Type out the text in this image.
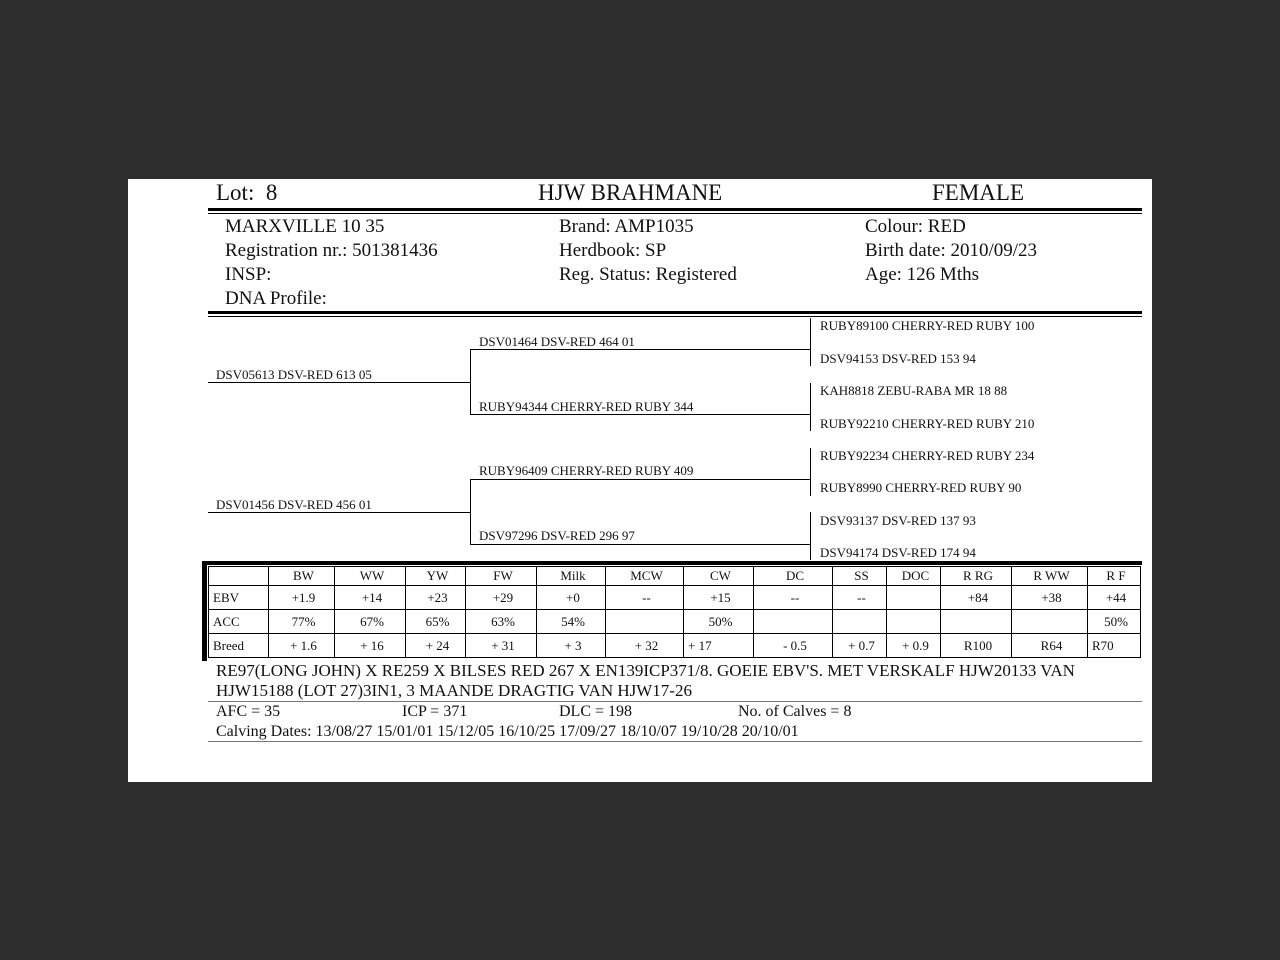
Lot: 8	HJW BRAHMANE	FEMALE
MARXVILLE 10 35
Registration nr.: 501381436
INSP:
DNA Profile:
Brand: AMP1035
Herdbook: SP
Reg. Status: Registered
Colour: RED
Birth date: 2010/09/23
Age: 126 Mths
DSV05613 DSV-RED 613 05
DSV01456 DSV-RED 456 01
DSV01464 DSV-RED 464 01
RUBY94344 CHERRY-RED RUBY 344
RUBY96409 CHERRY-RED RUBY 409
DSV97296 DSV-RED 296 97
RUBY89100 CHERRY-RED RUBY 100
DSV94153 DSV-RED 153 94
KAH8818 ZEBU-RABA MR 18 88
RUBY92210 CHERRY-RED RUBY 210
RUBY92234 CHERRY-RED RUBY 234
RUBY8990 CHERRY-RED RUBY 90
DSV93137 DSV-RED 137 93
DSV94174 DSV-RED 174 94
	BW	WW	YW	FW	Milk	MCW	CW	DC	SS	DOC	R RG	R WW	R F
EBV	+1.9	+14	+23	+29	+0	--	+15	--	--		+84	+38	+44
ACC	77%	67%	65%	63%	54%		50%						50%
Breed	+ 1.6	+ 16	+ 24	+ 31	+ 3	+ 32	+ 17	- 0.5	+ 0.7	+ 0.9	R100	R64	R70
RE97(LONG JOHN) X RE259 X BILSES RED 267 X EN139ICP371/8. GOEIE EBV'S. MET VERSKALF HJW20133 VAN
HJW15188 (LOT 27)3IN1, 3 MAANDE DRAGTIG VAN HJW17-26
AFC = 35	ICP = 371	DLC = 198	No. of Calves = 8
Calving Dates: 13/08/27 15/01/01 15/12/05 16/10/25 17/09/27 18/10/07 19/10/28 20/10/01
